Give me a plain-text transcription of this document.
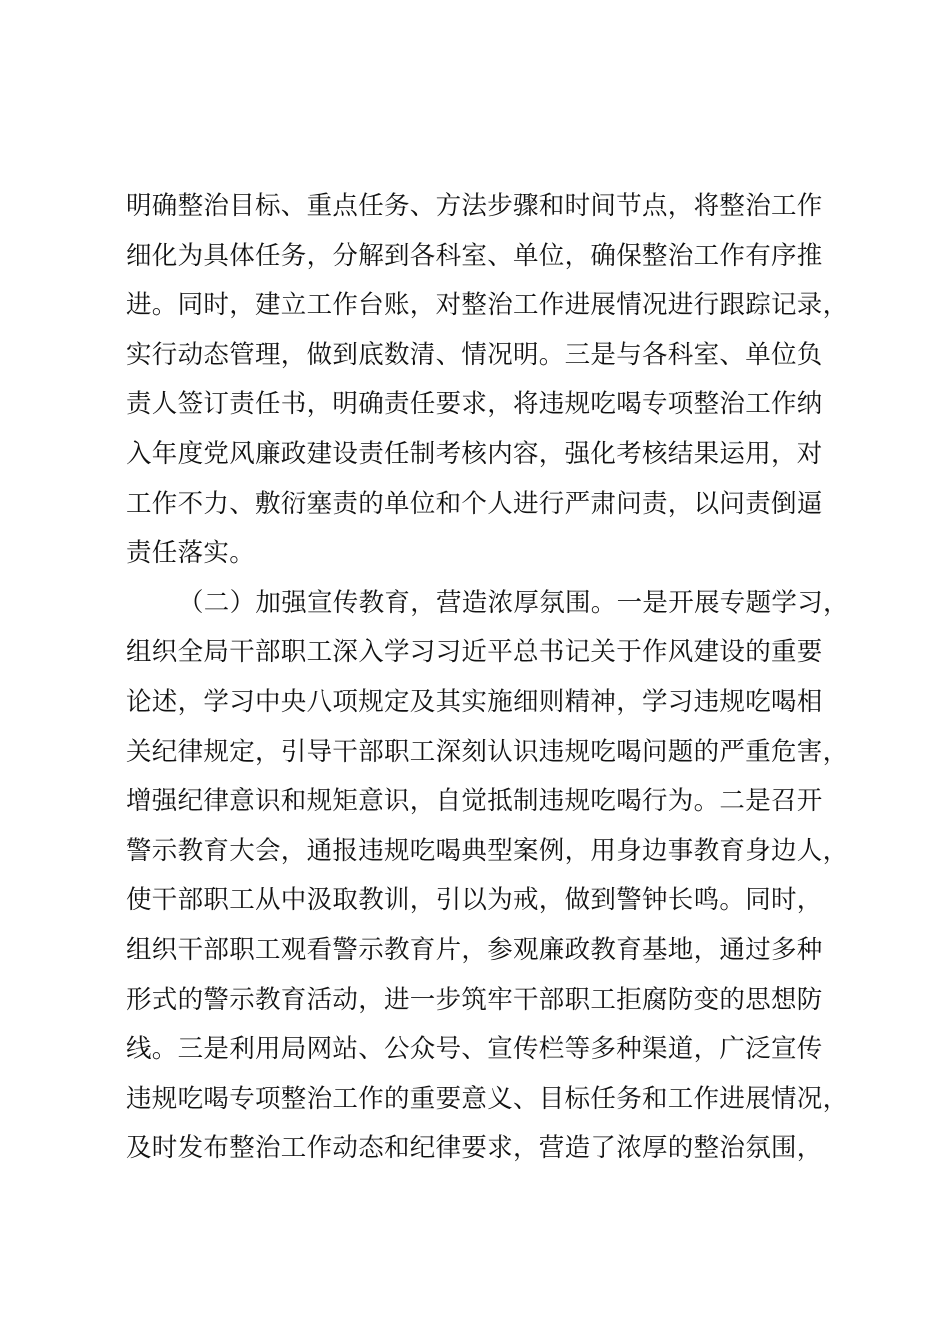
明确整治目标、重点任务、方法步骤和时间节点，将整治工作
细化为具体任务，分解到各科室、单位，确保整治工作有序推
进。同时，建立工作台账，对整治工作进展情况进行跟踪记录，
实行动态管理，做到底数清、情况明。三是与各科室、单位负
责人签订责任书，明确责任要求，将违规吃喝专项整治工作纳
入年度党风廉政建设责任制考核内容，强化考核结果运用，对
工作不力、敷衍塞责的单位和个人进行严肃问责，以问责倒逼
责任落实。
（二）加强宣传教育，营造浓厚氛围。一是开展专题学习，
组织全局干部职工深入学习习近平总书记关于作风建设的重要
论述，学习中央八项规定及其实施细则精神，学习违规吃喝相
关纪律规定，引导干部职工深刻认识违规吃喝问题的严重危害，
增强纪律意识和规矩意识，自觉抵制违规吃喝行为。二是召开
警示教育大会，通报违规吃喝典型案例，用身边事教育身边人，
使干部职工从中汲取教训，引以为戒，做到警钟长鸣。同时，
组织干部职工观看警示教育片，参观廉政教育基地，通过多种
形式的警示教育活动，进一步筑牢干部职工拒腐防变的思想防
线。三是利用局网站、公众号、宣传栏等多种渠道，广泛宣传
违规吃喝专项整治工作的重要意义、目标任务和工作进展情况，
及时发布整治工作动态和纪律要求，营造了浓厚的整治氛围，
